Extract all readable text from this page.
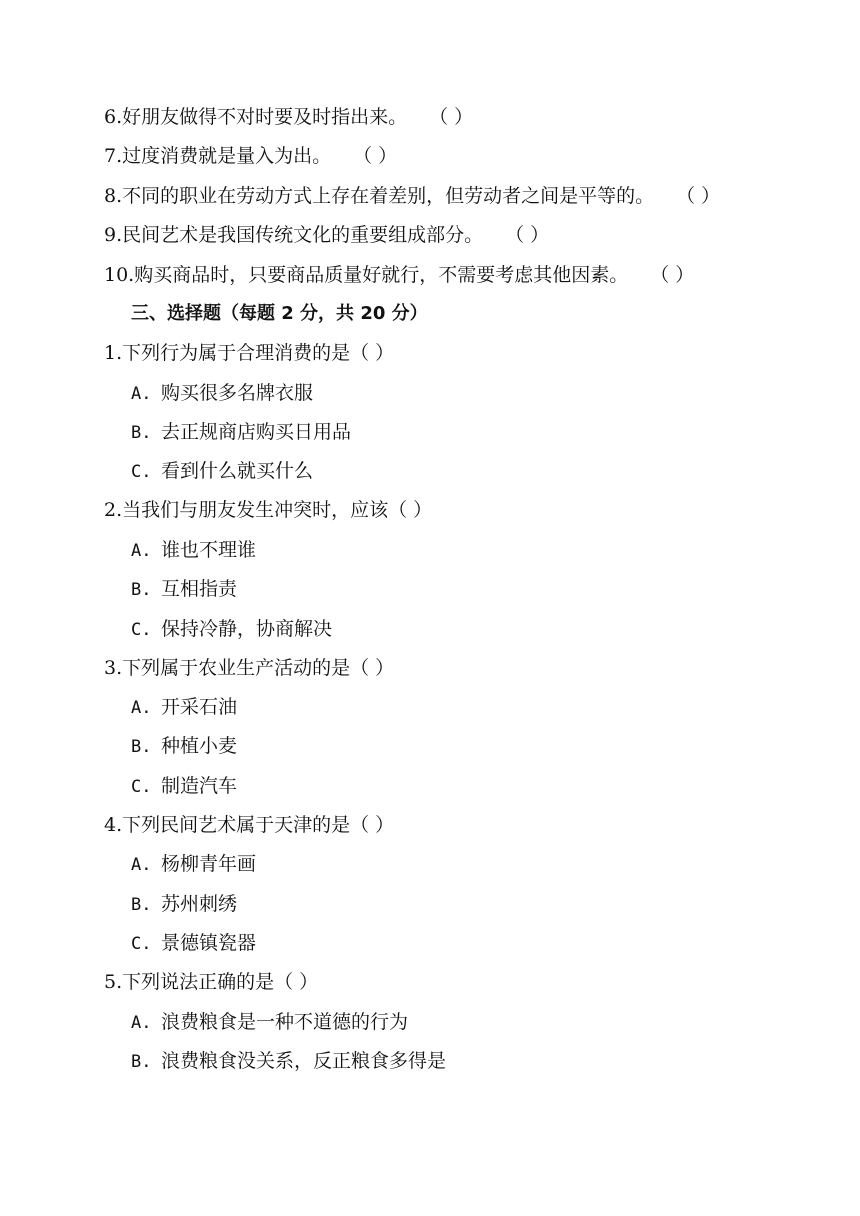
6.好朋友做得不对时要及时指出来。 （ ）
7.过度消费就是量入为出。 （ ）
8.不同的职业在劳动方式上存在着差别，但劳动者之间是平等的。 （ ）
9.民间艺术是我国传统文化的重要组成部分。 （ ）
10.购买商品时，只要商品质量好就行，不需要考虑其他因素。 （ ）
三、选择题（每题 2 分，共 20 分）
1.下列行为属于合理消费的是（ ）
A. 购买很多名牌衣服
B. 去正规商店购买日用品
C. 看到什么就买什么
2.当我们与朋友发生冲突时，应该（ ）
A. 谁也不理谁
B. 互相指责
C. 保持冷静，协商解决
3.下列属于农业生产活动的是（ ）
A. 开采石油
B. 种植小麦
C. 制造汽车
4.下列民间艺术属于天津的是（ ）
A. 杨柳青年画
B. 苏州刺绣
C. 景德镇瓷器
5.下列说法正确的是（ ）
A. 浪费粮食是一种不道德的行为
B. 浪费粮食没关系，反正粮食多得是
